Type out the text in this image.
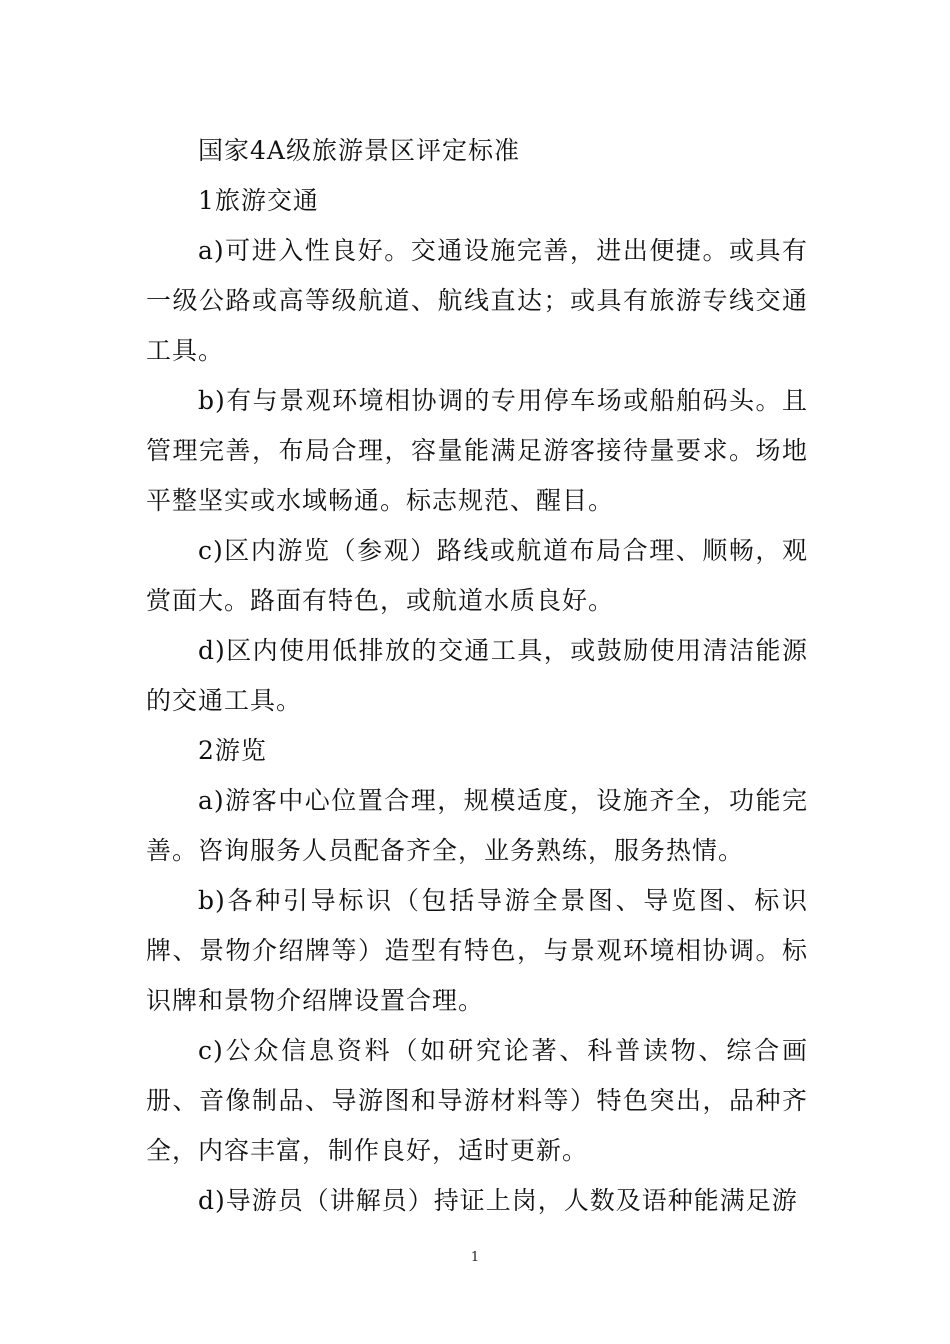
国家4A级旅游景区评定标准

1旅游交通

a)可进入性良好。交通设施完善，进出便捷。或具有一级公路或高等级航道、航线直达；或具有旅游专线交通工具。

b)有与景观环境相协调的专用停车场或船舶码头。且管理完善，布局合理，容量能满足游客接待量要求。场地平整坚实或水域畅通。标志规范、醒目。

c)区内游览（参观）路线或航道布局合理、顺畅，观赏面大。路面有特色，或航道水质良好。

d)区内使用低排放的交通工具，或鼓励使用清洁能源的交通工具。

2游览

a)游客中心位置合理，规模适度，设施齐全，功能完善。咨询服务人员配备齐全，业务熟练，服务热情。

b)各种引导标识（包括导游全景图、导览图、标识牌、景物介绍牌等）造型有特色，与景观环境相协调。标识牌和景物介绍牌设置合理。

c)公众信息资料（如研究论著、科普读物、综合画册、音像制品、导游图和导游材料等）特色突出，品种齐全，内容丰富，制作良好，适时更新。

d)导游员（讲解员）持证上岗，人数及语种能满足游

1
